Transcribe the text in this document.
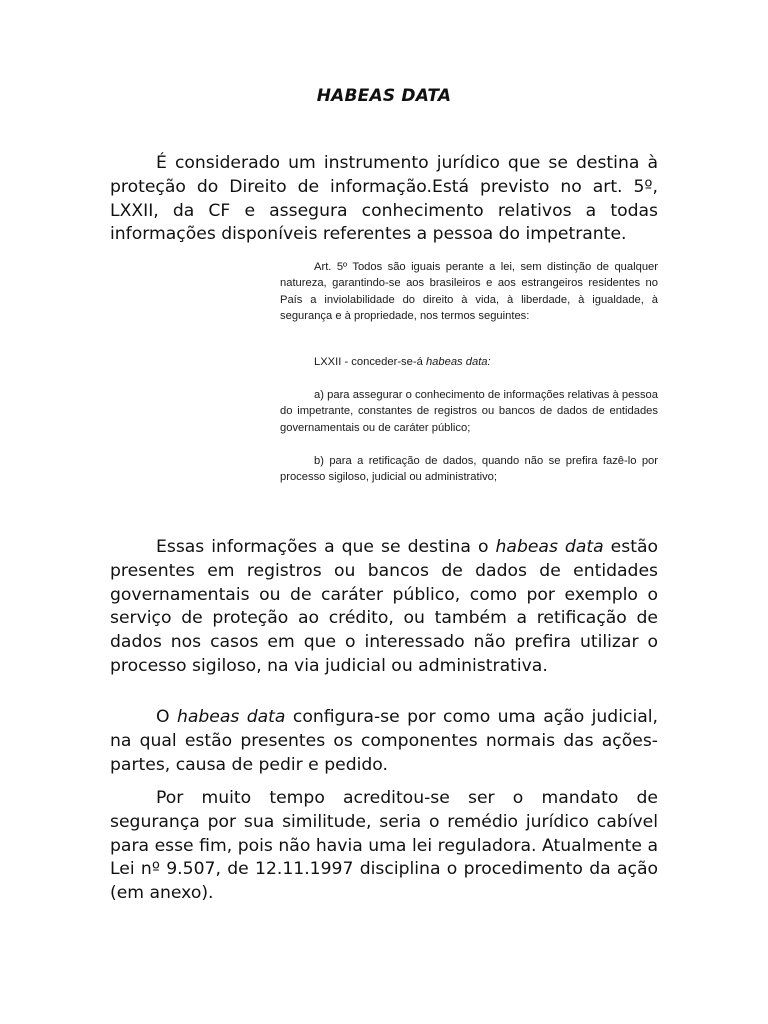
HABEAS DATA

É considerado um instrumento jurídico que se destina à proteção do Direito de informação.Está previsto no art. 5º, LXXII, da CF e assegura conhecimento relativos a todas informações disponíveis referentes a pessoa do impetrante.

Art. 5º Todos são iguais perante a lei, sem distinção de qualquer natureza, garantindo-se aos brasileiros e aos estrangeiros residentes no País a inviolabilidade do direito à vida, à liberdade, à igualdade, à segurança e à propriedade, nos termos seguintes:

LXXII - conceder-se-á habeas data:

a) para assegurar o conhecimento de informações relativas à pessoa do impetrante, constantes de registros ou bancos de dados de entidades governamentais ou de caráter público;

b) para a retificação de dados, quando não se prefira fazê-lo por processo sigiloso, judicial ou administrativo;

Essas informações a que se destina o habeas data estão presentes em registros ou bancos de dados de entidades governamentais ou de caráter público, como por exemplo o serviço de proteção ao crédito, ou também a retificação de dados nos casos em que o interessado não prefira utilizar o processo sigiloso, na via judicial ou administrativa.

O habeas data configura-se por como uma ação judicial, na qual estão presentes os componentes normais das ações-partes, causa de pedir e pedido.

Por muito tempo acreditou-se ser o mandato de segurança por sua similitude, seria o remédio jurídico cabível para esse fim, pois não havia uma lei reguladora. Atualmente a Lei nº 9.507, de 12.11.1997 disciplina o procedimento da ação (em anexo).
